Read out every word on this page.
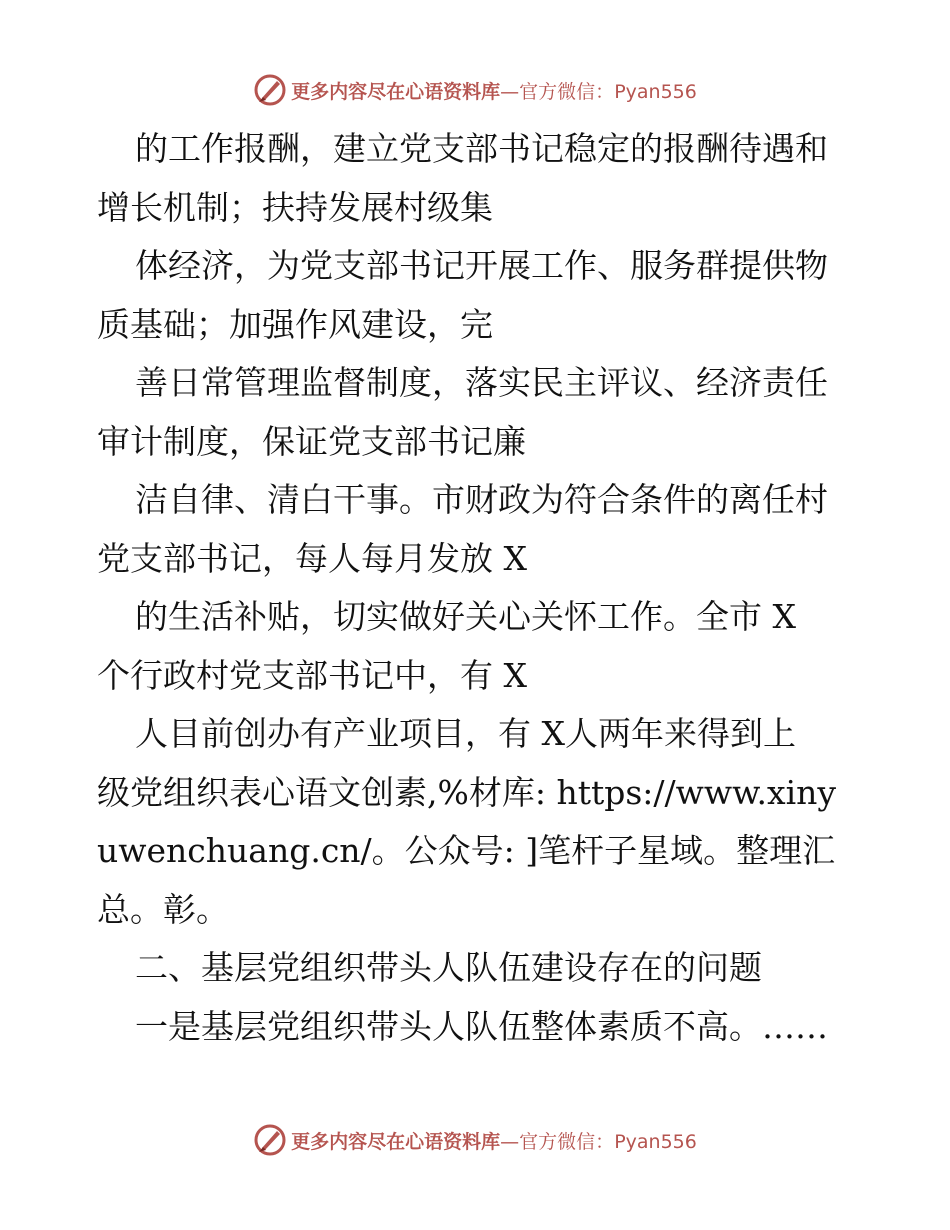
更多内容尽在心语资料库—官方微信：Pyan556
的工作报酬，建立党支部书记稳定的报酬待遇和
增长机制；扶持发展村级集
体经济，为党支部书记开展工作、服务群提供物
质基础；加强作风建设，完
善日常管理监督制度，落实民主评议、经济责任
审计制度，保证党支部书记廉
洁自律、清白干事。市财政为符合条件的离任村
党支部书记，每人每月发放 X
的生活补贴，切实做好关心关怀工作。全市 X
个行政村党支部书记中，有 X
人目前创办有产业项目，有 X人两年来得到上
级党组织表心语文创素,%材库: https://www.xiny
uwenchuang.cn/。公众号: ]笔杆子星域。整理汇
总。彰。
二、基层党组织带头人队伍建设存在的问题
一是基层党组织带头人队伍整体素质不高。……
更多内容尽在心语资料库—官方微信：Pyan556
